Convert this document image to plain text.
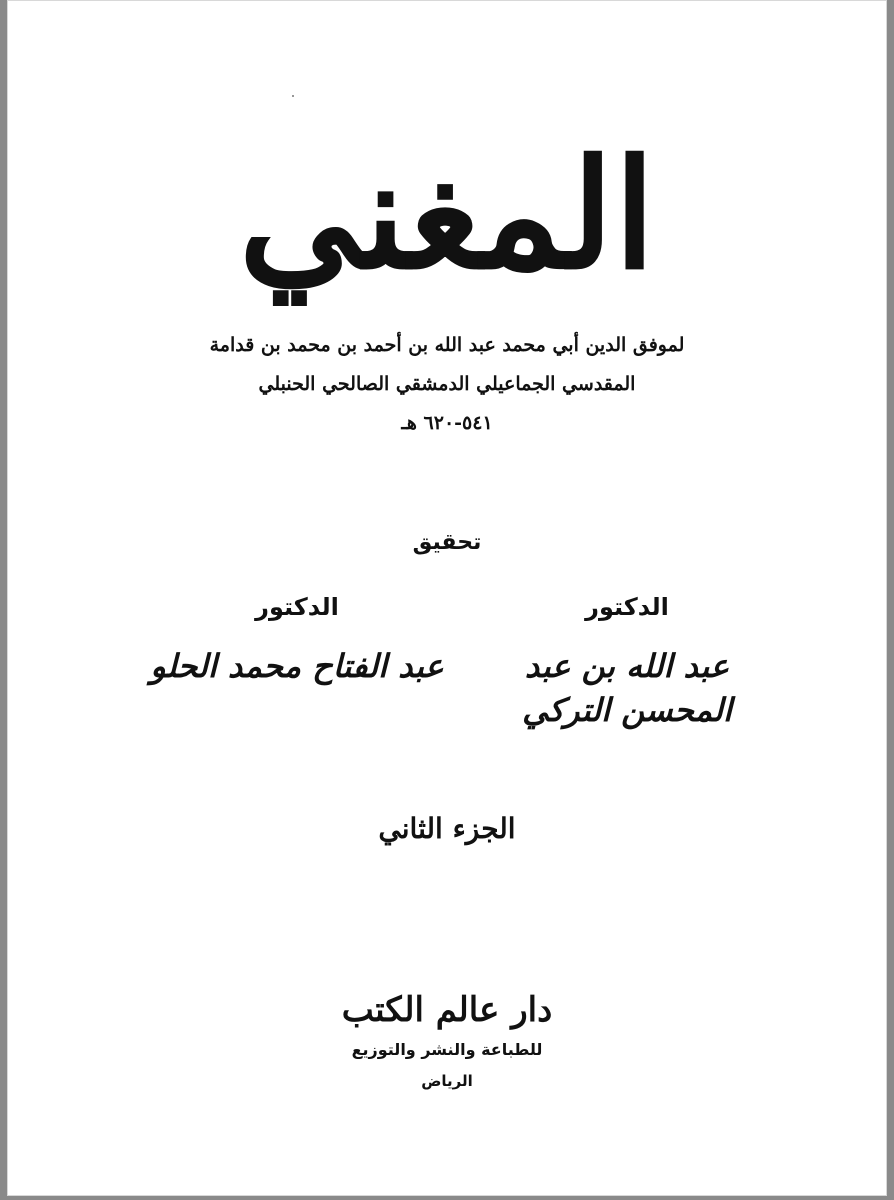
المغني
لموفق الدين أبي محمد عبد الله بن أحمد بن محمد بن قدامة
المقدسي الجماعيلي الدمشقي الصالحي الحنبلي
٥٤١-٦٢٠ هـ
تحقيق
الدكتور
عبد الله بن عبد المحسن التركي
الدكتور
عبد الفتاح محمد الحلو
الجزء الثاني
دار عالم الكتب
للطباعة والنشر والتوزيع
الرياض
